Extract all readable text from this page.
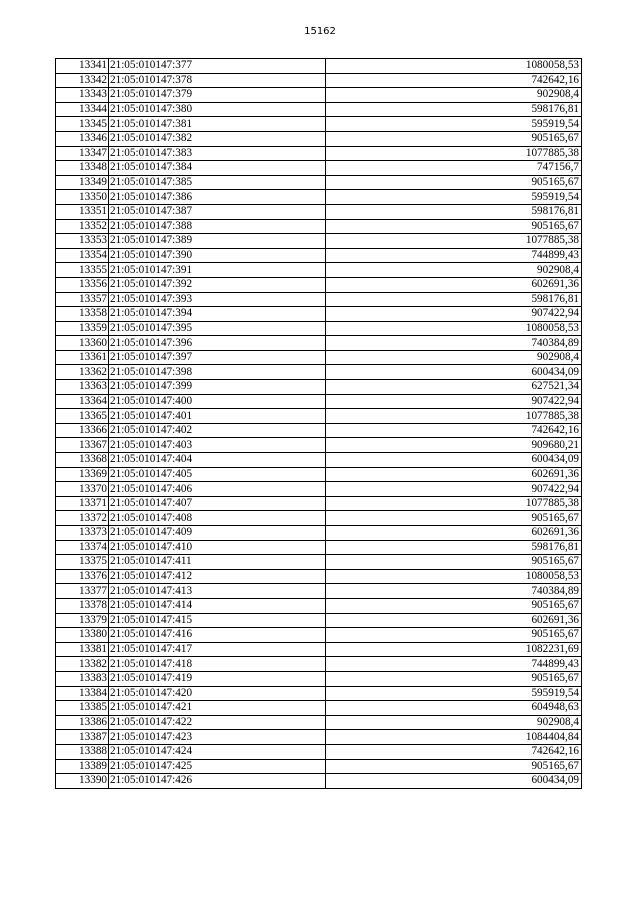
15162
13341	21:05:010147:377	1080058,53
13342	21:05:010147:378	742642,16
13343	21:05:010147:379	902908,4
13344	21:05:010147:380	598176,81
13345	21:05:010147:381	595919,54
13346	21:05:010147:382	905165,67
13347	21:05:010147:383	1077885,38
13348	21:05:010147:384	747156,7
13349	21:05:010147:385	905165,67
13350	21:05:010147:386	595919,54
13351	21:05:010147:387	598176,81
13352	21:05:010147:388	905165,67
13353	21:05:010147:389	1077885,38
13354	21:05:010147:390	744899,43
13355	21:05:010147:391	902908,4
13356	21:05:010147:392	602691,36
13357	21:05:010147:393	598176,81
13358	21:05:010147:394	907422,94
13359	21:05:010147:395	1080058,53
13360	21:05:010147:396	740384,89
13361	21:05:010147:397	902908,4
13362	21:05:010147:398	600434,09
13363	21:05:010147:399	627521,34
13364	21:05:010147:400	907422,94
13365	21:05:010147:401	1077885,38
13366	21:05:010147:402	742642,16
13367	21:05:010147:403	909680,21
13368	21:05:010147:404	600434,09
13369	21:05:010147:405	602691,36
13370	21:05:010147:406	907422,94
13371	21:05:010147:407	1077885,38
13372	21:05:010147:408	905165,67
13373	21:05:010147:409	602691,36
13374	21:05:010147:410	598176,81
13375	21:05:010147:411	905165,67
13376	21:05:010147:412	1080058,53
13377	21:05:010147:413	740384,89
13378	21:05:010147:414	905165,67
13379	21:05:010147:415	602691,36
13380	21:05:010147:416	905165,67
13381	21:05:010147:417	1082231,69
13382	21:05:010147:418	744899,43
13383	21:05:010147:419	905165,67
13384	21:05:010147:420	595919,54
13385	21:05:010147:421	604948,63
13386	21:05:010147:422	902908,4
13387	21:05:010147:423	1084404,84
13388	21:05:010147:424	742642,16
13389	21:05:010147:425	905165,67
13390	21:05:010147:426	600434,09
